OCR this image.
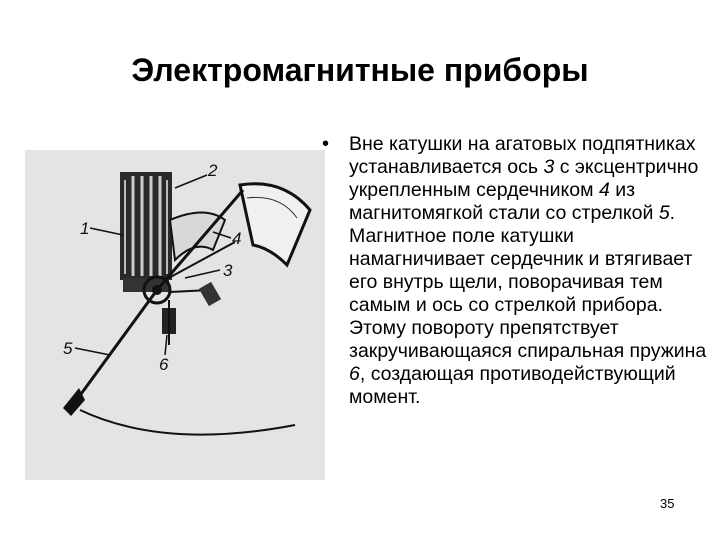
Электромагнитные приборы
1
2
3
4
5
6
• Вне катушки на агатовых подпятниках устанавливается ось 3 с эксцентрично укрепленным сердечником 4 из магнитомягкой стали со стрелкой 5. Магнитное поле катушки намагничивает сердечник и втягивает его внутрь щели, поворачивая тем самым и ось со стрелкой прибора. Этому повороту препятствует закручивающаяся спиральная пружина 6, создающая противодействующий момент.

35
